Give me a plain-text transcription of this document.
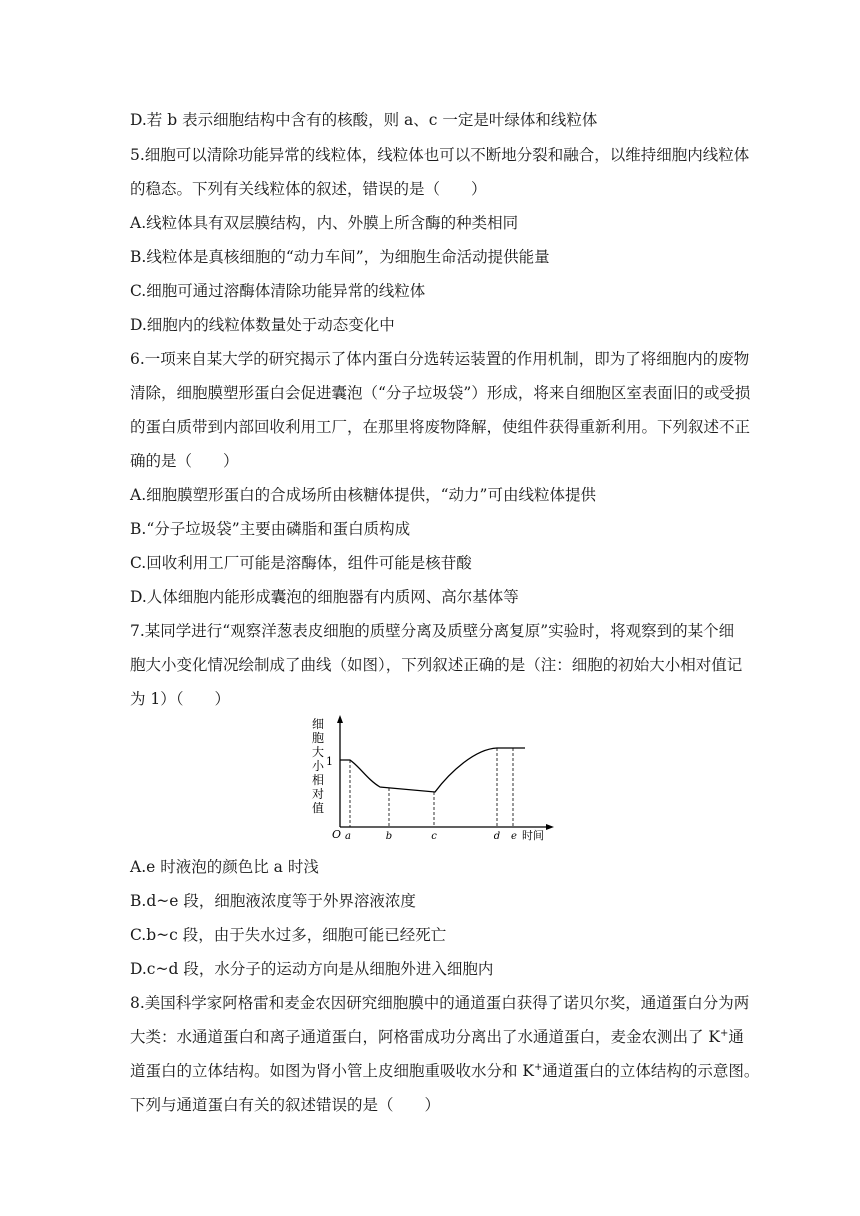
D.若 b 表示细胞结构中含有的核酸，则 a、c 一定是叶绿体和线粒体
5.细胞可以清除功能异常的线粒体，线粒体也可以不断地分裂和融合，以维持细胞内线粒体
的稳态。下列有关线粒体的叙述，错误的是（　　）
A.线粒体具有双层膜结构，内、外膜上所含酶的种类相同
B.线粒体是真核细胞的“动力车间”，为细胞生命活动提供能量
C.细胞可通过溶酶体清除功能异常的线粒体
D.细胞内的线粒体数量处于动态变化中
6.一项来自某大学的研究揭示了体内蛋白分选转运装置的作用机制，即为了将细胞内的废物
清除，细胞膜塑形蛋白会促进囊泡（“分子垃圾袋”）形成，将来自细胞区室表面旧的或受损
的蛋白质带到内部回收利用工厂，在那里将废物降解，使组件获得重新利用。下列叙述不正
确的是（　　）
A.细胞膜塑形蛋白的合成场所由核糖体提供，“动力”可由线粒体提供
B.“分子垃圾袋”主要由磷脂和蛋白质构成
C.回收利用工厂可能是溶酶体，组件可能是核苷酸
D.人体细胞内能形成囊泡的细胞器有内质网、高尔基体等
7.某同学进行“观察洋葱表皮细胞的质壁分离及质壁分离复原”实验时，将观察到的某个细
胞大小变化情况绘制成了曲线（如图），下列叙述正确的是（注：细胞的初始大小相对值记
为 1）（　　）
细
胞
大
小
相
对
值
1
O a	b	c	d e 时间
A.e 时液泡的颜色比 a 时浅
B.d~e 段，细胞液浓度等于外界溶液浓度
C.b~c 段，由于失水过多，细胞可能已经死亡
D.c~d 段，水分子的运动方向是从细胞外进入细胞内
8.美国科学家阿格雷和麦金农因研究细胞膜中的通道蛋白获得了诺贝尔奖，通道蛋白分为两
大类：水通道蛋白和离子通道蛋白，阿格雷成功分离出了水通道蛋白，麦金农测出了 K+通
道蛋白的立体结构。如图为肾小管上皮细胞重吸收水分和 K+通道蛋白的立体结构的示意图。
下列与通道蛋白有关的叙述错误的是（　　）
